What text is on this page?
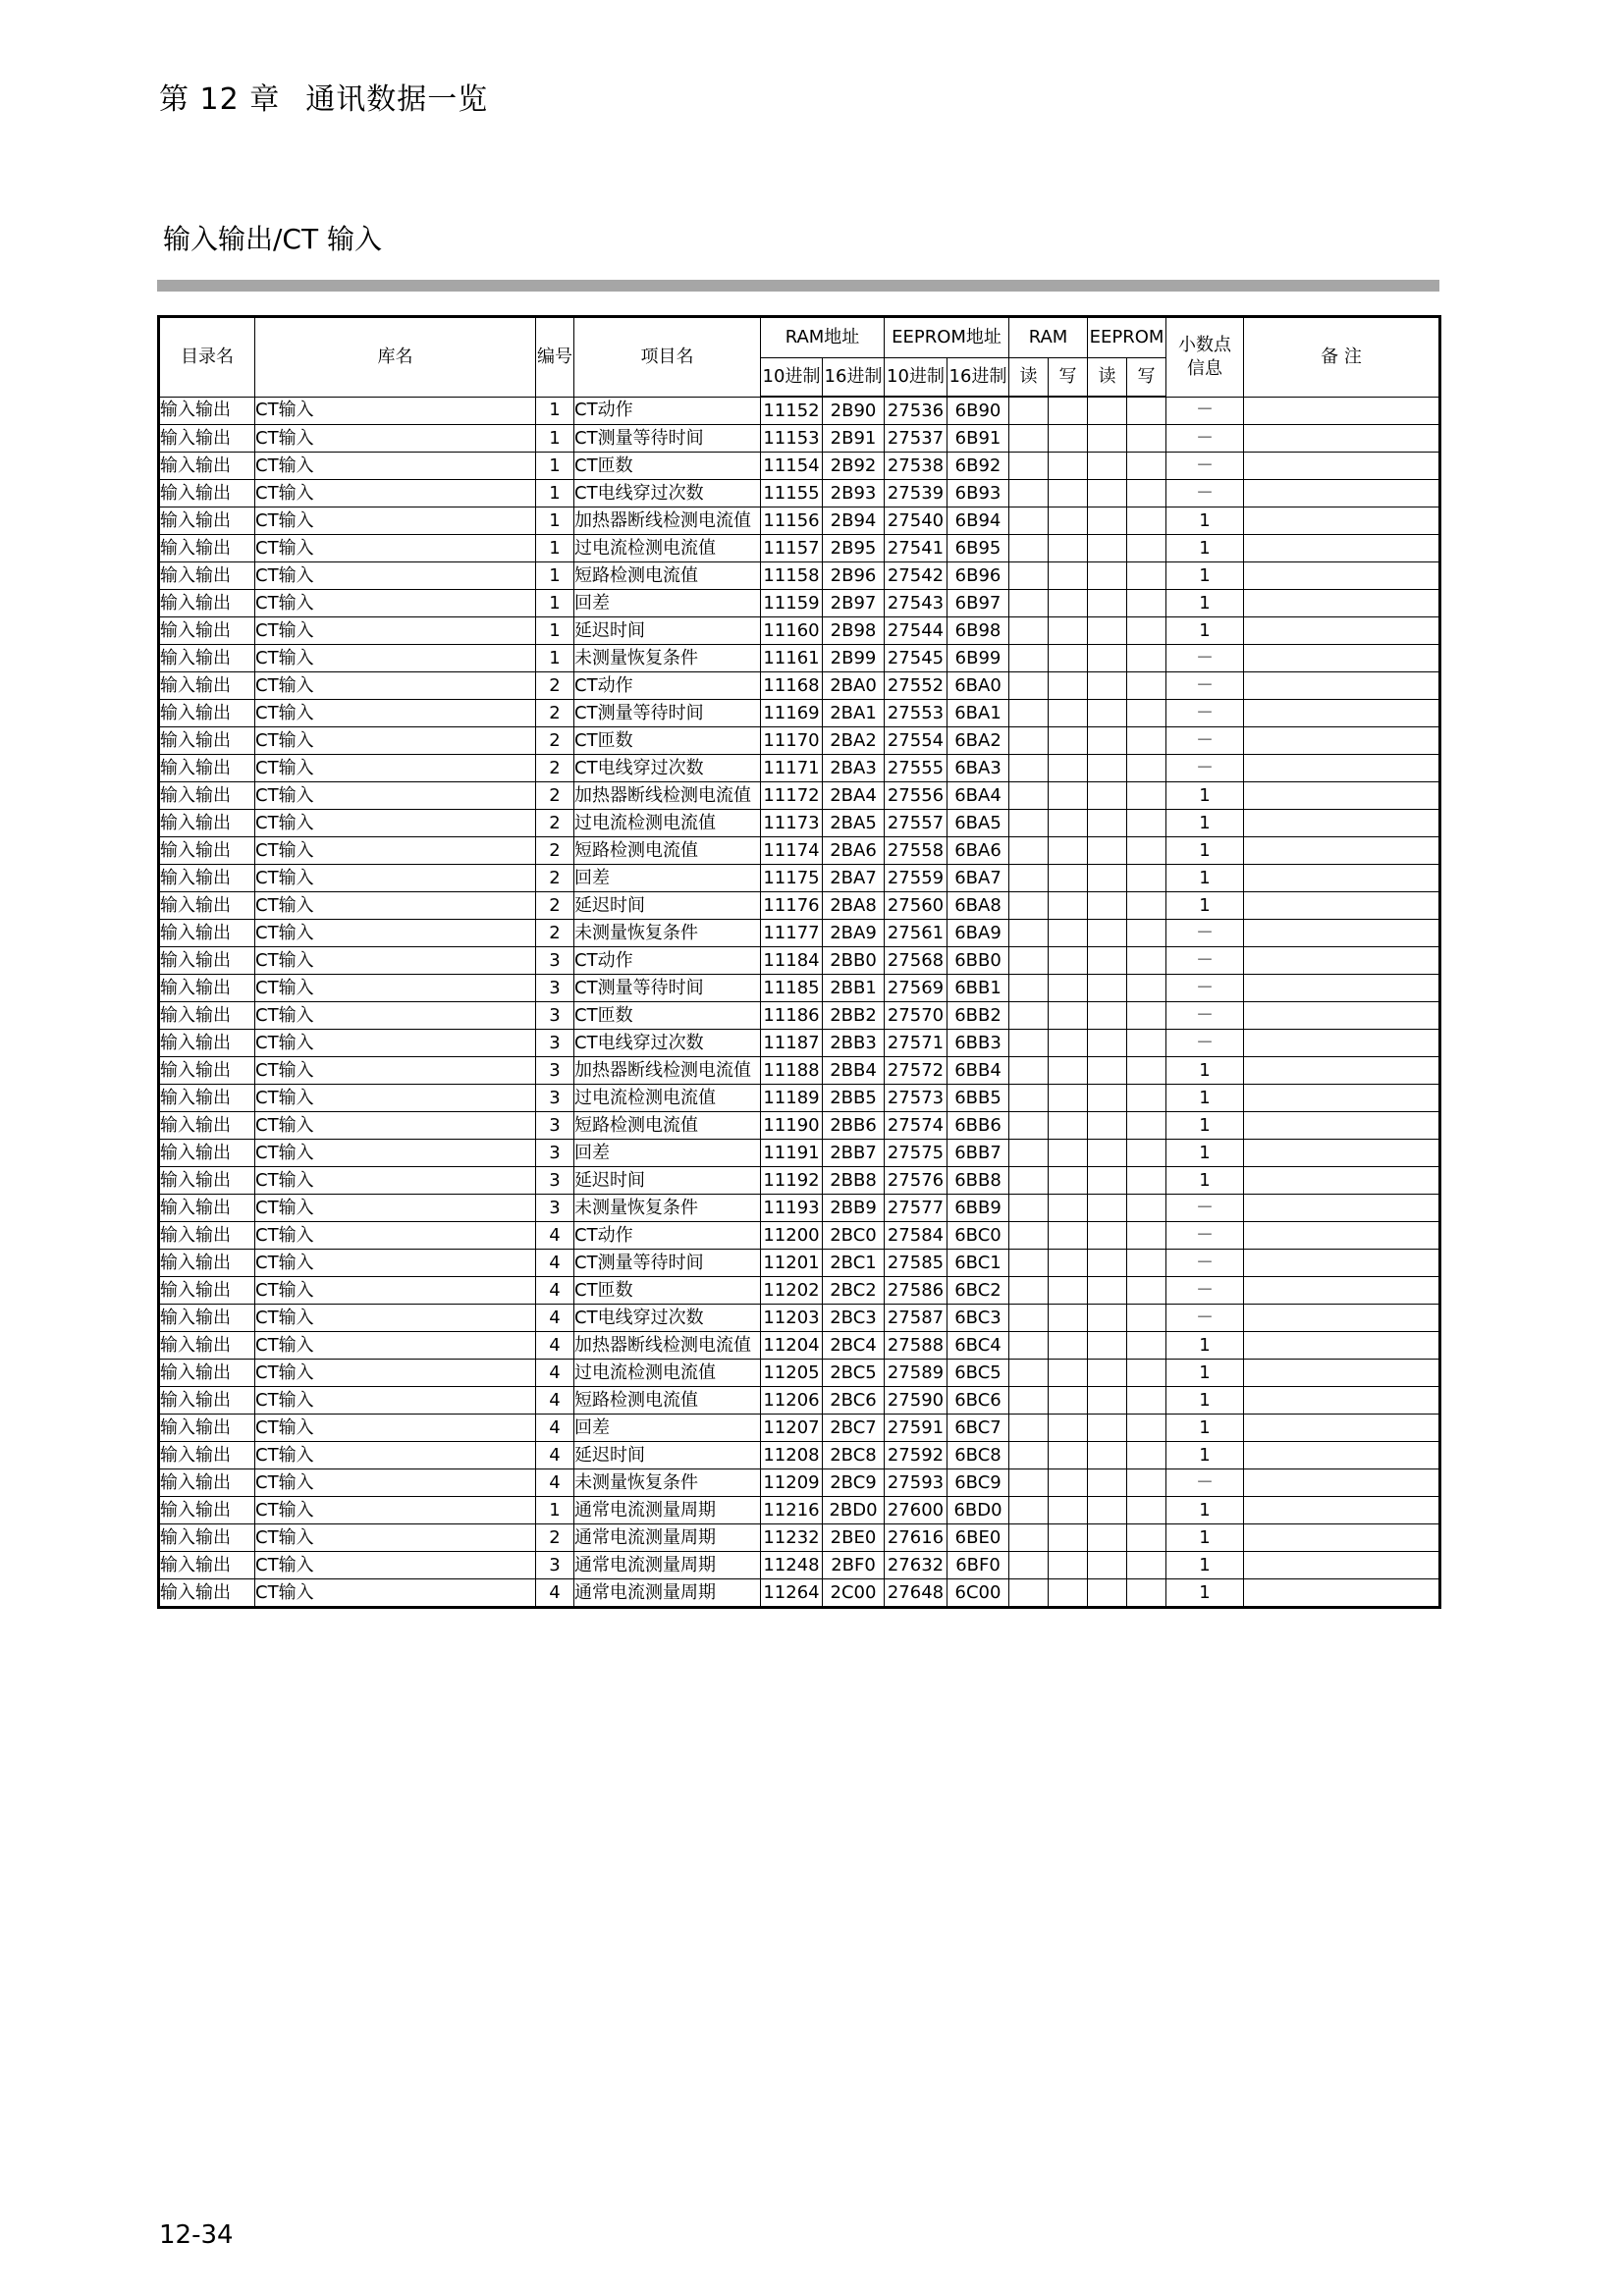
第 12 章 通讯数据一览
输入输出/CT 输入
目录名	库名	编号	项目名	RAM地址		EEPROM地址		RAM		EEPROM		小数点
信息	备 注
				10进制	16进制	10进制	16进制	读	写	读	写		
输入输出	CT输入	1	CT动作	11152	2B90	27536	6B90					－	
输入输出	CT输入	1	CT测量等待时间	11153	2B91	27537	6B91					－	
输入输出	CT输入	1	CT匝数	11154	2B92	27538	6B92					－	
输入输出	CT输入	1	CT电线穿过次数	11155	2B93	27539	6B93					－	
输入输出	CT输入	1	加热器断线检测电流值	11156	2B94	27540	6B94					1	
输入输出	CT输入	1	过电流检测电流值	11157	2B95	27541	6B95					1	
输入输出	CT输入	1	短路检测电流值	11158	2B96	27542	6B96					1	
输入输出	CT输入	1	回差	11159	2B97	27543	6B97					1	
输入输出	CT输入	1	延迟时间	11160	2B98	27544	6B98					1	
输入输出	CT输入	1	未测量恢复条件	11161	2B99	27545	6B99					－	
输入输出	CT输入	2	CT动作	11168	2BA0	27552	6BA0					－	
输入输出	CT输入	2	CT测量等待时间	11169	2BA1	27553	6BA1					－	
输入输出	CT输入	2	CT匝数	11170	2BA2	27554	6BA2					－	
输入输出	CT输入	2	CT电线穿过次数	11171	2BA3	27555	6BA3					－	
输入输出	CT输入	2	加热器断线检测电流值	11172	2BA4	27556	6BA4					1	
输入输出	CT输入	2	过电流检测电流值	11173	2BA5	27557	6BA5					1	
输入输出	CT输入	2	短路检测电流值	11174	2BA6	27558	6BA6					1	
输入输出	CT输入	2	回差	11175	2BA7	27559	6BA7					1	
输入输出	CT输入	2	延迟时间	11176	2BA8	27560	6BA8					1	
输入输出	CT输入	2	未测量恢复条件	11177	2BA9	27561	6BA9					－	
输入输出	CT输入	3	CT动作	11184	2BB0	27568	6BB0					－	
输入输出	CT输入	3	CT测量等待时间	11185	2BB1	27569	6BB1					－	
输入输出	CT输入	3	CT匝数	11186	2BB2	27570	6BB2					－	
输入输出	CT输入	3	CT电线穿过次数	11187	2BB3	27571	6BB3					－	
输入输出	CT输入	3	加热器断线检测电流值	11188	2BB4	27572	6BB4					1	
输入输出	CT输入	3	过电流检测电流值	11189	2BB5	27573	6BB5					1	
输入输出	CT输入	3	短路检测电流值	11190	2BB6	27574	6BB6					1	
输入输出	CT输入	3	回差	11191	2BB7	27575	6BB7					1	
输入输出	CT输入	3	延迟时间	11192	2BB8	27576	6BB8					1	
输入输出	CT输入	3	未测量恢复条件	11193	2BB9	27577	6BB9					－	
输入输出	CT输入	4	CT动作	11200	2BC0	27584	6BC0					－	
输入输出	CT输入	4	CT测量等待时间	11201	2BC1	27585	6BC1					－	
输入输出	CT输入	4	CT匝数	11202	2BC2	27586	6BC2					－	
输入输出	CT输入	4	CT电线穿过次数	11203	2BC3	27587	6BC3					－	
输入输出	CT输入	4	加热器断线检测电流值	11204	2BC4	27588	6BC4					1	
输入输出	CT输入	4	过电流检测电流值	11205	2BC5	27589	6BC5					1	
输入输出	CT输入	4	短路检测电流值	11206	2BC6	27590	6BC6					1	
输入输出	CT输入	4	回差	11207	2BC7	27591	6BC7					1	
输入输出	CT输入	4	延迟时间	11208	2BC8	27592	6BC8					1	
输入输出	CT输入	4	未测量恢复条件	11209	2BC9	27593	6BC9					－	
输入输出	CT输入	1	通常电流测量周期	11216	2BD0	27600	6BD0					1	
输入输出	CT输入	2	通常电流测量周期	11232	2BE0	27616	6BE0					1	
输入输出	CT输入	3	通常电流测量周期	11248	2BF0	27632	6BF0					1	
输入输出	CT输入	4	通常电流测量周期	11264	2C00	27648	6C00					1	
12-34
